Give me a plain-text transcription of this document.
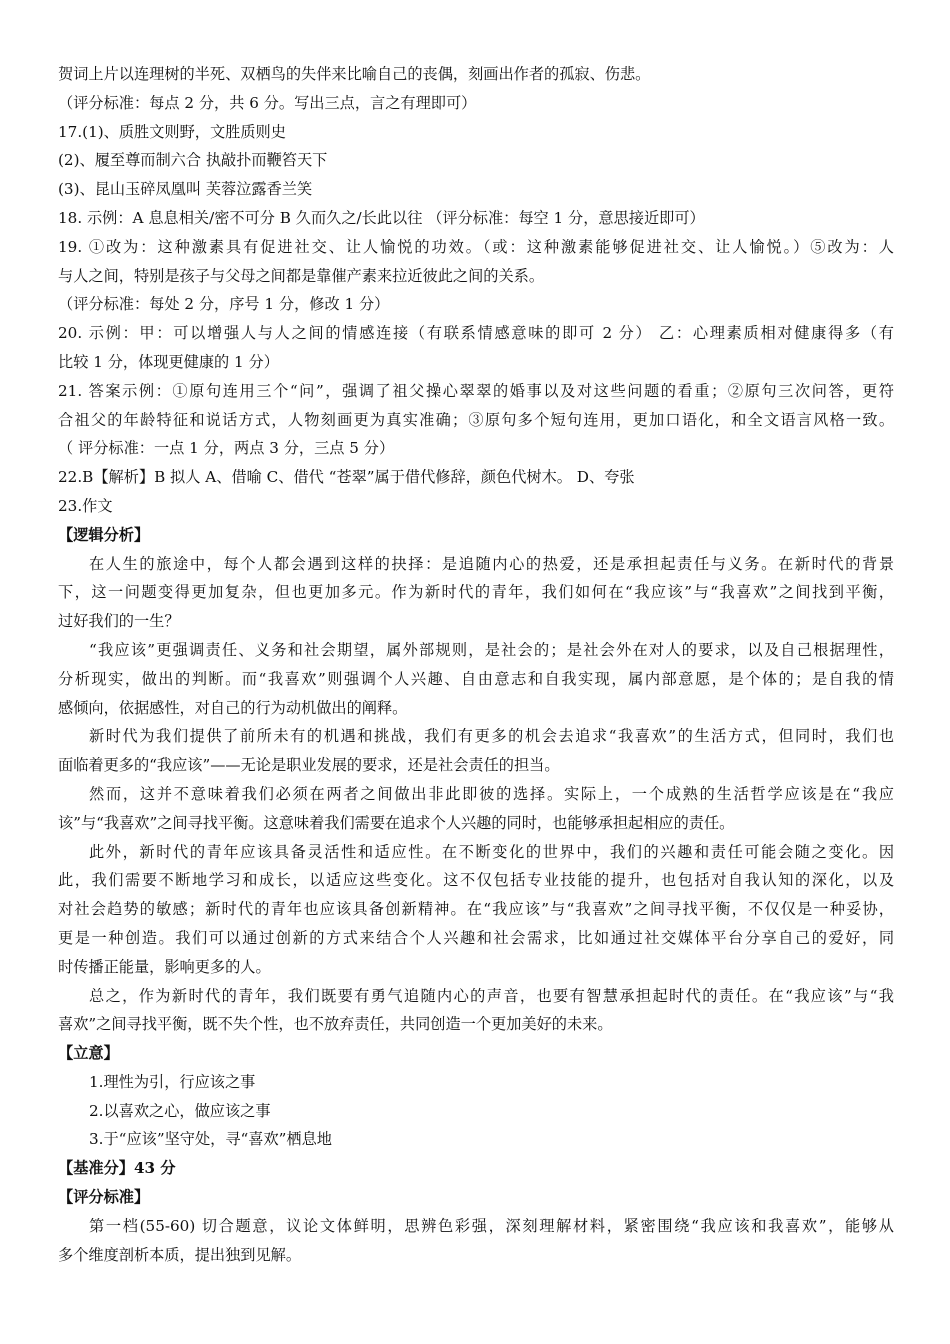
贺词上片以连理树的半死、双栖鸟的失伴来比喻自己的丧偶，刻画出作者的孤寂、伤悲。
（评分标准：每点 2 分，共 6 分。写出三点，言之有理即可）
17.(1)、质胜文则野，文胜质则史
(2)、履至尊而制六合 执敲扑而鞭笞天下
(3)、昆山玉碎凤凰叫 芙蓉泣露香兰笑
18. 示例：A 息息相关/密不可分 B 久而久之/长此以往 （评分标准：每空 1 分，意思接近即可）
19. ①改为：这种激素具有促进社交、让人愉悦的功效。（或：这种激素能够促进社交、让人愉悦。）⑤改为：人
与人之间，特别是孩子与父母之间都是靠催产素来拉近彼此之间的关系。
（评分标准：每处 2 分，序号 1 分，修改 1 分）
20. 示例：甲：可以增强人与人之间的情感连接（有联系情感意味的即可 2 分） 乙：心理素质相对健康得多（有
比较 1 分，体现更健康的 1 分）
21. 答案示例：①原句连用三个“问”，强调了祖父操心翠翠的婚事以及对这些问题的看重；②原句三次问答，更符
合祖父的年龄特征和说话方式，人物刻画更为真实准确；③原句多个短句连用，更加口语化，和全文语言风格一致。
（ 评分标准：一点 1 分，两点 3 分，三点 5 分）
22.B【解析】B 拟人 A、借喻 C、借代 “苍翠”属于借代修辞，颜色代树木。 D、夸张
23.作文
【逻辑分析】
在人生的旅途中，每个人都会遇到这样的抉择：是追随内心的热爱，还是承担起责任与义务。在新时代的背景
下，这一问题变得更加复杂，但也更加多元。作为新时代的青年，我们如何在“我应该”与“我喜欢”之间找到平衡，
过好我们的一生？
“我应该”更强调责任、义务和社会期望，属外部规则，是社会的；是社会外在对人的要求，以及自己根据理性，
分析现实，做出的判断。而“我喜欢”则强调个人兴趣、自由意志和自我实现，属内部意愿，是个体的；是自我的情
感倾向，依据感性，对自己的行为动机做出的阐释。
新时代为我们提供了前所未有的机遇和挑战，我们有更多的机会去追求“我喜欢”的生活方式，但同时，我们也
面临着更多的“我应该”——无论是职业发展的要求，还是社会责任的担当。
然而，这并不意味着我们必须在两者之间做出非此即彼的选择。实际上，一个成熟的生活哲学应该是在“我应
该”与“我喜欢”之间寻找平衡。这意味着我们需要在追求个人兴趣的同时，也能够承担起相应的责任。
此外，新时代的青年应该具备灵活性和适应性。在不断变化的世界中，我们的兴趣和责任可能会随之变化。因
此，我们需要不断地学习和成长，以适应这些变化。这不仅包括专业技能的提升，也包括对自我认知的深化，以及
对社会趋势的敏感；新时代的青年也应该具备创新精神。在“我应该”与“我喜欢”之间寻找平衡，不仅仅是一种妥协，
更是一种创造。我们可以通过创新的方式来结合个人兴趣和社会需求，比如通过社交媒体平台分享自己的爱好，同
时传播正能量，影响更多的人。
总之，作为新时代的青年，我们既要有勇气追随内心的声音，也要有智慧承担起时代的责任。在“我应该”与“我
喜欢”之间寻找平衡，既不失个性，也不放弃责任，共同创造一个更加美好的未来。
【立意】
1.理性为引，行应该之事
2.以喜欢之心，做应该之事
3.于“应该”坚守处，寻“喜欢”栖息地
【基准分】43 分
【评分标准】
第一档(55-60) 切合题意，议论文体鲜明，思辨色彩强，深刻理解材料，紧密围绕“我应该和我喜欢”，能够从
多个维度剖析本质，提出独到见解。
